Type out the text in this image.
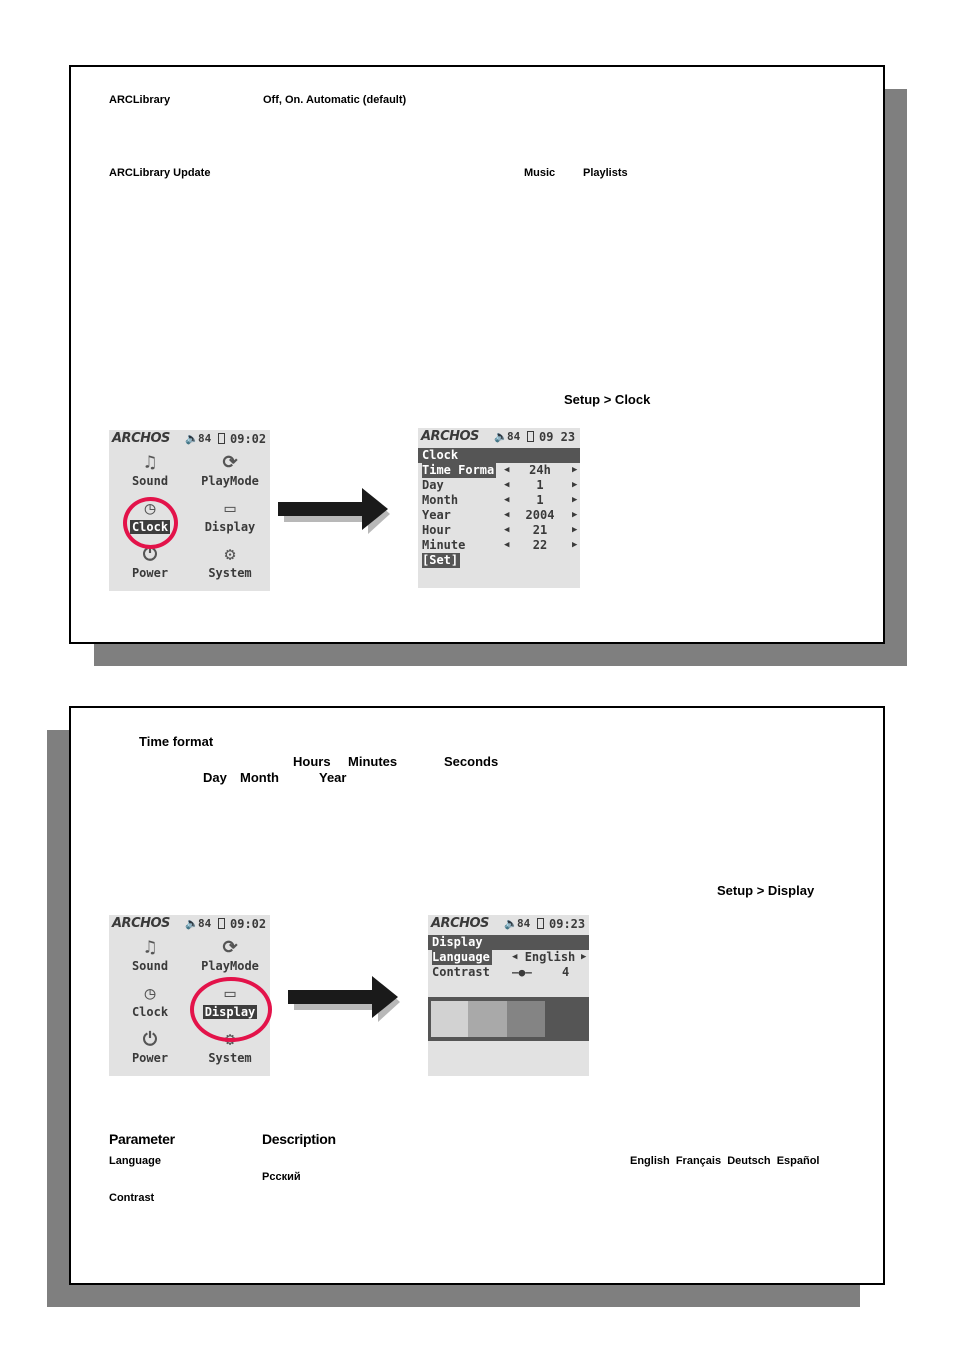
ARCLibrary	Off, On. Automatic (default)
ARCLibrary Update	Music	Playlists
Setup > Clock
ARCHOS 🔈 84 09:02
♫
Sound
⟳
PlayMode
◷
Clock
▭
Display
⏻
Power
⚙
System
ARCHOS 🔈 84 09 23
Clock
Time Forma ◀	24h	▶
Day	◀	1	▶
Month	◀	1	▶
Year	◀	2004	▶
Hour	◀	21	▶
Minute	◀	22	▶
[Set]
Time format
Hours Minutes	Seconds
Day Month	Year
Setup > Display
ARCHOS 🔈 84 09:02
♫
Sound
⟳
PlayMode
◷
Clock
▭
Display
⏻
Power
⚙
System
ARCHOS 🔈 84 09:23
Display
Language ◀ English ▶
Contrast —●—	4
Parameter	Description
Language	English  Français  Deutsch  Español
Рсский
Contrast
